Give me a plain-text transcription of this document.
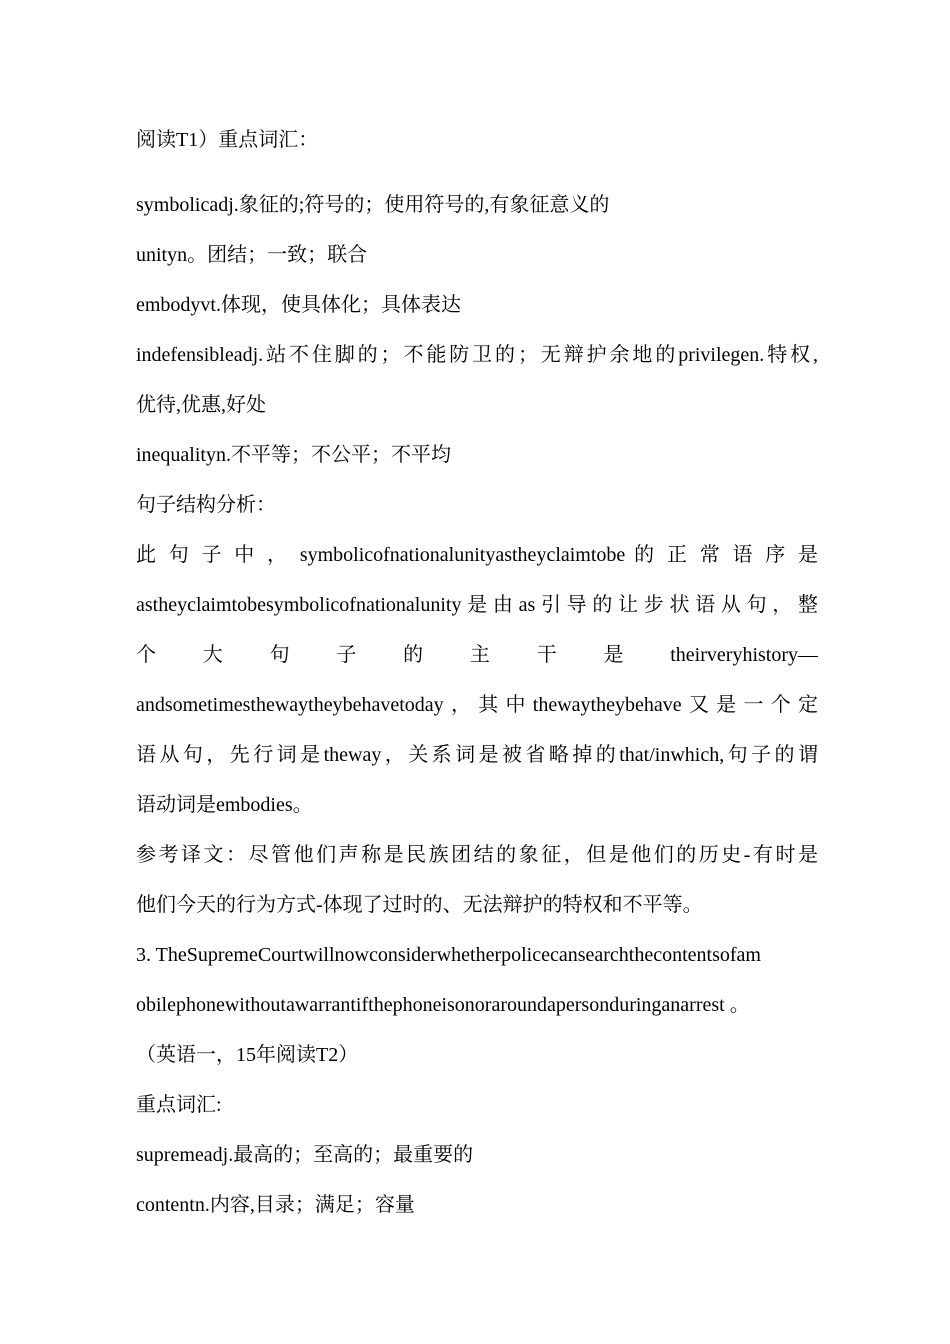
阅读T1）重点词汇：
symbolicadj.象征的;符号的；使用符号的,有象征意义的
unityn。团结；一致；联合
embodyvt.体现，使具体化；具体表达
indefensibleadj.站不住脚的；不能防卫的；无辩护余地的privilegen.特权,
优待,优惠,好处
inequalityn.不平等；不公平；不平均
句子结构分析：
此 句 子 中 ， symbolicofnationalunityastheyclaimtobe 的 正 常 语 序 是
astheyclaimtobesymbolicofnationalunity是由as引导的让步状语从句，整
个 大 句 子 的 主 干 是 theirveryhistory—
andsometimesthewaytheybehavetoday，其中thewaytheybehave又是一个定
语从句，先行词是theway，关系词是被省略掉的that/inwhich,句子的谓
语动词是embodies。
参考译文：尽管他们声称是民族团结的象征，但是他们的历史-有时是
他们今天的行为方式-体现了过时的、无法辩护的特权和不平等。
3. TheSupremeCourtwillnowconsiderwhetherpolicecansearchthecontentsofam
obilephonewithoutawarrantifthephoneisonoraroundapersonduringanarrest 。
（英语一，15年阅读T2）
重点词汇:
supremeadj.最高的；至高的；最重要的
contentn.内容,目录；满足；容量
